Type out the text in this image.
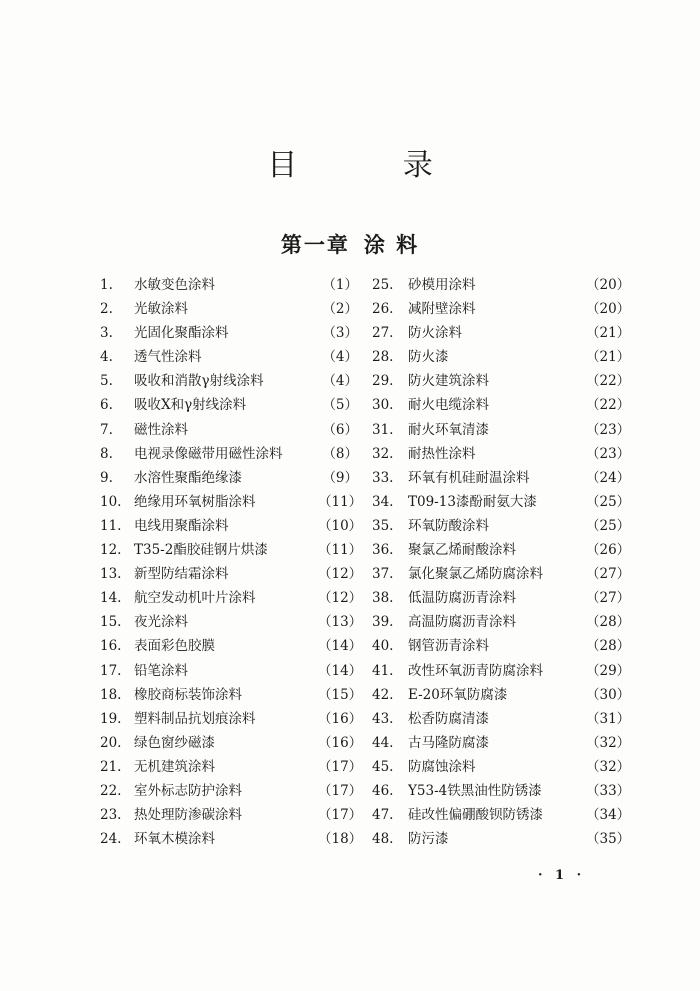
目 录
第一章 涂 料
1.	水敏变色涂料	（1）
2.	光敏涂料	（2）
3.	光固化聚酯涂料	（3）
4.	透气性涂料	（4）
5.	吸收和消散γ射线涂料	（4）
6.	吸收X和γ射线涂料	（5）
7.	磁性涂料	（6）
8.	电视录像磁带用磁性涂料	（8）
9.	水溶性聚酯绝缘漆	（9）
10. 绝缘用环氧树脂涂料	（11）
11. 电线用聚酯涂料	（10）
12. T35-2酯胶硅钢片烘漆	（11）
13. 新型防结霜涂料	（12）
14. 航空发动机叶片涂料	（12）
15. 夜光涂料	（13）
16. 表面彩色胶膜	（14）
17. 铅笔涂料	（14）
18. 橡胶商标装饰涂料	（15）
19. 塑料制品抗划痕涂料	（16）
20. 绿色窗纱磁漆	（16）
21. 无机建筑涂料	（17）
22. 室外标志防护涂料	（17）
23. 热处理防渗碳涂料	（17）
24. 环氧木模涂料	（18）
25.	砂模用涂料	（20）
26.	减附壁涂料	（20）
27.	防火涂料	（21）
28.	防火漆	（21）
29.	防火建筑涂料	（22）
30.	耐火电缆涂料	（22）
31.	耐火环氧清漆	（23）
32.	耐热性涂料	（23）
33.	环氧有机硅耐温涂料	（24）
34.	T09-13漆酚耐氨大漆	（25）
35.	环氧防酸涂料	（25）
36.	聚氯乙烯耐酸涂料	（26）
37.	氯化聚氯乙烯防腐涂料	（27）
38.	低温防腐沥青涂料	（27）
39.	高温防腐沥青涂料	（28）
40.	钢管沥青涂料	（28）
41.	改性环氧沥青防腐涂料	（29）
42.	E-20环氧防腐漆	（30）
43.	松香防腐清漆	（31）
44.	古马隆防腐漆	（32）
45.	防腐蚀涂料	（32）
46.	Y53-4铁黑油性防锈漆	（33）
47.	硅改性偏硼酸钡防锈漆	（34）
48.	防污漆	（35）
· 1 ·
